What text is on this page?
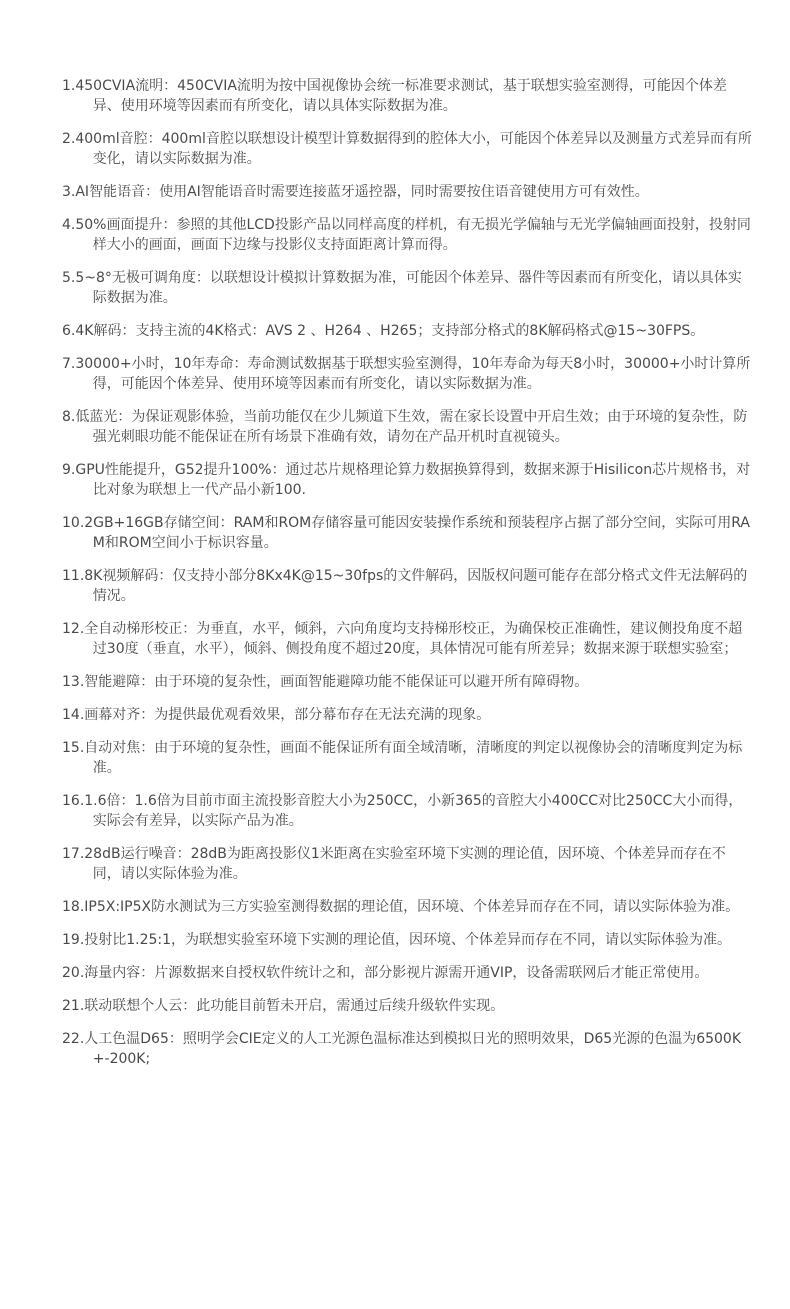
1.450CVIA流明：450CVIA流明为按中国视像协会统一标准要求测试，基于联想实验室测得，可能因个体差异、使用环境等因素而有所变化，请以具体实际数据为准。
2.400ml音腔：400ml音腔以联想设计模型计算数据得到的腔体大小，可能因个体差异以及测量方式差异而有所变化，请以实际数据为准。
3.AI智能语音：使用AI智能语音时需要连接蓝牙遥控器，同时需要按住语音键使用方可有效性。
4.50%画面提升：参照的其他LCD投影产品以同样高度的样机，有无损光学偏轴与无光学偏轴画面投射，投射同样大小的画面，画面下边缘与投影仪支持面距离计算而得。
5.5~8°无极可调角度：以联想设计模拟计算数据为准，可能因个体差异、器件等因素而有所变化，请以具体实际数据为准。
6.4K解码：支持主流的4K格式：AVS 2 、H264 、H265；支持部分格式的8K解码格式@15~30FPS。
7.30000+小时，10年寿命：寿命测试数据基于联想实验室测得，10年寿命为每天8小时，30000+小时计算所得，可能因个体差异、使用环境等因素而有所变化，请以实际数据为准。
8.低蓝光：为保证观影体验，当前功能仅在少儿频道下生效，需在家长设置中开启生效；由于环境的复杂性，防强光刺眼功能不能保证在所有场景下准确有效，请勿在产品开机时直视镜头。
9.GPU性能提升，G52提升100%：通过芯片规格理论算力数据换算得到，数据来源于Hisilicon芯片规格书，对比对象为联想上一代产品小新100.
10.2GB+16GB存储空间：RAM和ROM存储容量可能因安装操作系统和预装程序占据了部分空间，实际可用RAM和ROM空间小于标识容量。
11.8K视频解码：仅支持小部分8Kx4K@15~30fps的文件解码，因版权问题可能存在部分格式文件无法解码的情况。
12.全自动梯形校正：为垂直，水平，倾斜，六向角度均支持梯形校正，为确保校正准确性，建议侧投角度不超过30度（垂直，水平），倾斜、侧投角度不超过20度，具体情况可能有所差异；数据来源于联想实验室；
13.智能避障：由于环境的复杂性，画面智能避障功能不能保证可以避开所有障碍物。
14.画幕对齐：为提供最优观看效果，部分幕布存在无法充满的现象。
15.自动对焦：由于环境的复杂性，画面不能保证所有面全域清晰，清晰度的判定以视像协会的清晰度判定为标准。
16.1.6倍：1.6倍为目前市面主流投影音腔大小为250CC，小新365的音腔大小400CC对比250CC大小而得，实际会有差异，以实际产品为准。
17.28dB运行噪音：28dB为距离投影仪1米距离在实验室环境下实测的理论值，因环境、个体差异而存在不同，请以实际体验为准。
18.IP5X:IP5X防水测试为三方实验室测得数据的理论值，因环境、个体差异而存在不同，请以实际体验为准。
19.投射比1.25:1，为联想实验室环境下实测的理论值，因环境、个体差异而存在不同，请以实际体验为准。
20.海量内容：片源数据来自授权软件统计之和，部分影视片源需开通VIP，设备需联网后才能正常使用。
21.联动联想个人云：此功能目前暂未开启，需通过后续升级软件实现。
22.人工色温D65：照明学会CIE定义的人工光源色温标准达到模拟日光的照明效果，D65光源的色温为6500K+-200K;
